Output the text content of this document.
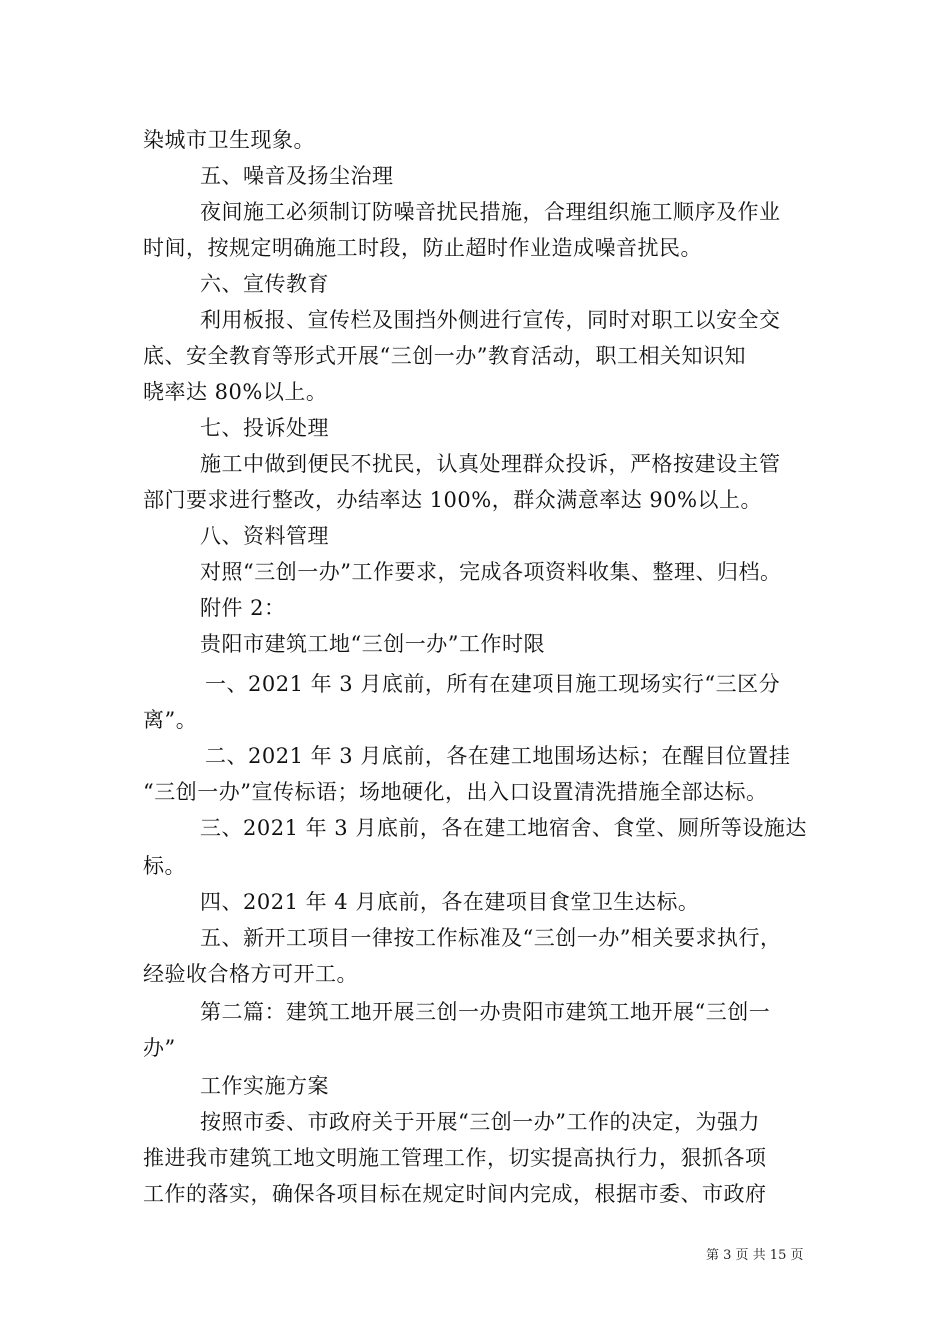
染城市卫生现象。
五、噪音及扬尘治理
夜间施工必须制订防噪音扰民措施，合理组织施工顺序及作业
时间，按规定明确施工时段，防止超时作业造成噪音扰民。
六、宣传教育
利用板报、宣传栏及围挡外侧进行宣传，同时对职工以安全交
底、安全教育等形式开展“三创一办”教育活动，职工相关知识知
晓率达 80%以上。
七、投诉处理
施工中做到便民不扰民，认真处理群众投诉，严格按建设主管
部门要求进行整改，办结率达 100%，群众满意率达 90%以上。
八、资料管理
对照“三创一办”工作要求，完成各项资料收集、整理、归档。
附件 2：
贵阳市建筑工地“三创一办”工作时限
一、2021 年 3 月底前，所有在建项目施工现场实行“三区分
离”。
二、2021 年 3 月底前，各在建工地围场达标；在醒目位置挂
“三创一办”宣传标语；场地硬化，出入口设置清洗措施全部达标。
三、2021 年 3 月底前，各在建工地宿舍、食堂、厕所等设施达
标。
四、2021 年 4 月底前，各在建项目食堂卫生达标。
五、新开工项目一律按工作标准及“三创一办”相关要求执行，
经验收合格方可开工。
第二篇：建筑工地开展三创一办贵阳市建筑工地开展“三创一
办”
工作实施方案
按照市委、市政府关于开展“三创一办”工作的决定，为强力
推进我市建筑工地文明施工管理工作，切实提高执行力，狠抓各项
工作的落实，确保各项目标在规定时间内完成，根据市委、市政府
第 3 页 共 15 页
